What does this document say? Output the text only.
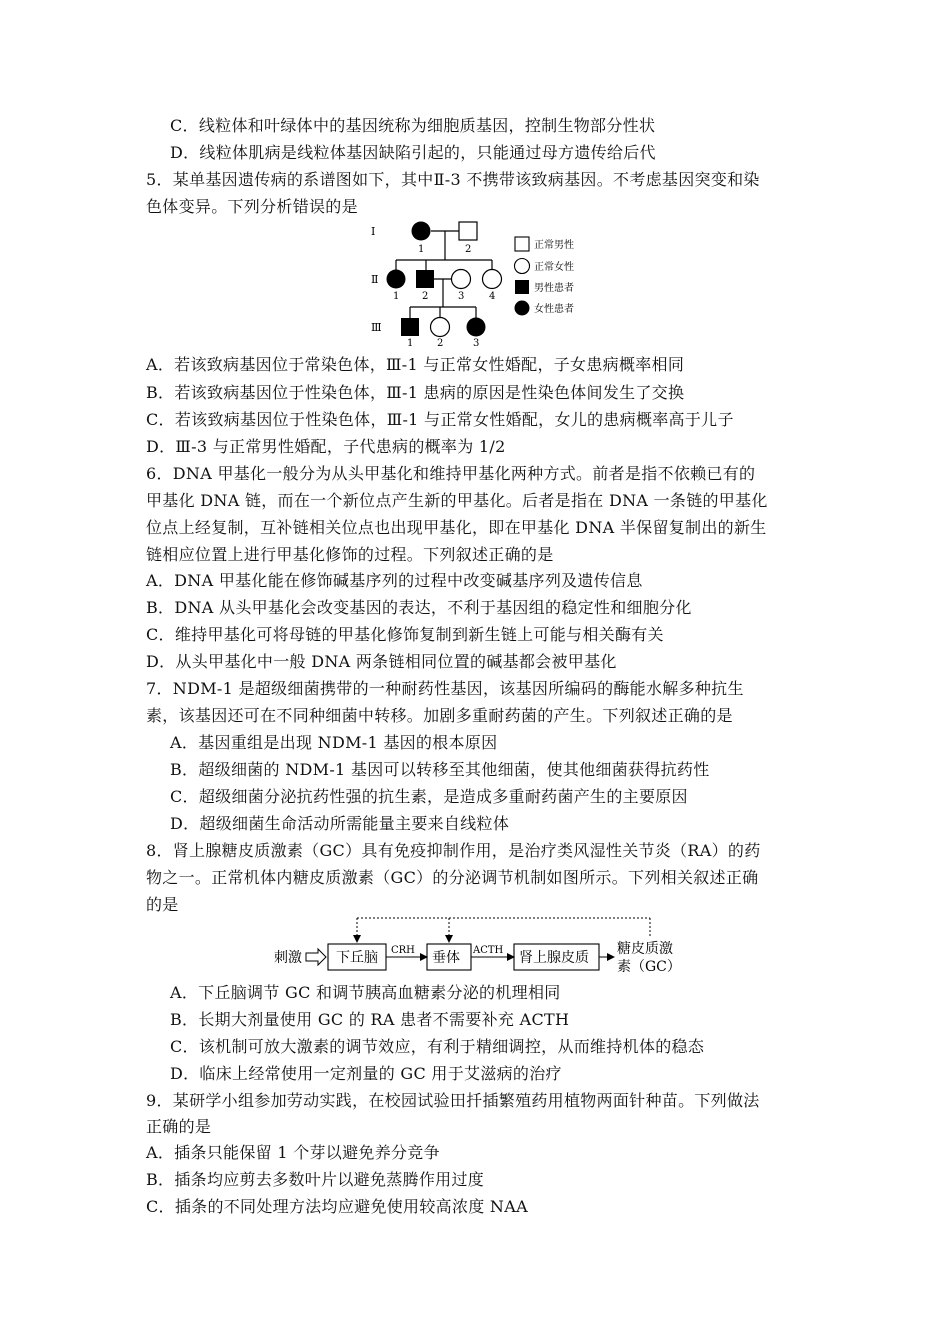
C．线粒体和叶绿体中的基因统称为细胞质基因，控制生物部分性状
D．线粒体肌病是线粒体基因缺陷引起的，只能通过母方遗传给后代
5．某单基因遗传病的系谱图如下，其中Ⅱ-3 不携带该致病基因。不考虑基因突变和染
色体变异。下列分析错误的是
Ⅰ
Ⅱ
Ⅲ
1	2
1 2	3 4
1 2	3
正常男性
正常女性
男性患者
女性患者
A．若该致病基因位于常染色体，Ⅲ-1 与正常女性婚配，子女患病概率相同
B．若该致病基因位于性染色体，Ⅲ-1 患病的原因是性染色体间发生了交换
C．若该致病基因位于性染色体，Ⅲ-1 与正常女性婚配，女儿的患病概率高于儿子
D．Ⅲ-3 与正常男性婚配，子代患病的概率为 1/2
6．DNA 甲基化一般分为从头甲基化和维持甲基化两种方式。前者是指不依赖已有的
甲基化 DNA 链，而在一个新位点产生新的甲基化。后者是指在 DNA 一条链的甲基化
位点上经复制，互补链相关位点也出现甲基化，即在甲基化 DNA 半保留复制出的新生
链相应位置上进行甲基化修饰的过程。下列叙述正确的是
A．DNA 甲基化能在修饰碱基序列的过程中改变碱基序列及遗传信息
B．DNA 从头甲基化会改变基因的表达，不利于基因组的稳定性和细胞分化
C．维持甲基化可将母链的甲基化修饰复制到新生链上可能与相关酶有关
D．从头甲基化中一般 DNA 两条链相同位置的碱基都会被甲基化
7．NDM-1 是超级细菌携带的一种耐药性基因，该基因所编码的酶能水解多种抗生
素，该基因还可在不同种细菌中转移。加剧多重耐药菌的产生。下列叙述正确的是
A．基因重组是出现 NDM-1 基因的根本原因
B．超级细菌的 NDM-1 基因可以转移至其他细菌，使其他细菌获得抗药性
C．超级细菌分泌抗药性强的抗生素，是造成多重耐药菌产生的主要原因
D．超级细菌生命活动所需能量主要来自线粒体
8．肾上腺糖皮质激素（GC）具有免疫抑制作用，是治疗类风湿性关节炎（RA）的药
物之一。正常机体内糖皮质激素（GC）的分泌调节机制如图所示。下列相关叙述正确
的是
刺激 下丘脑	垂体	肾上腺皮质
CRH	ACTH	糖皮质激
素（GC）
A．下丘脑调节 GC 和调节胰高血糖素分泌的机理相同
B．长期大剂量使用 GC 的 RA 患者不需要补充 ACTH
C．该机制可放大激素的调节效应，有利于精细调控，从而维持机体的稳态
D．临床上经常使用一定剂量的 GC 用于艾滋病的治疗
9．某研学小组参加劳动实践，在校园试验田扦插繁殖药用植物两面针种苗。下列做法
正确的是
A．插条只能保留 1 个芽以避免养分竞争
B．插条均应剪去多数叶片以避免蒸腾作用过度
C．插条的不同处理方法均应避免使用较高浓度 NAA
